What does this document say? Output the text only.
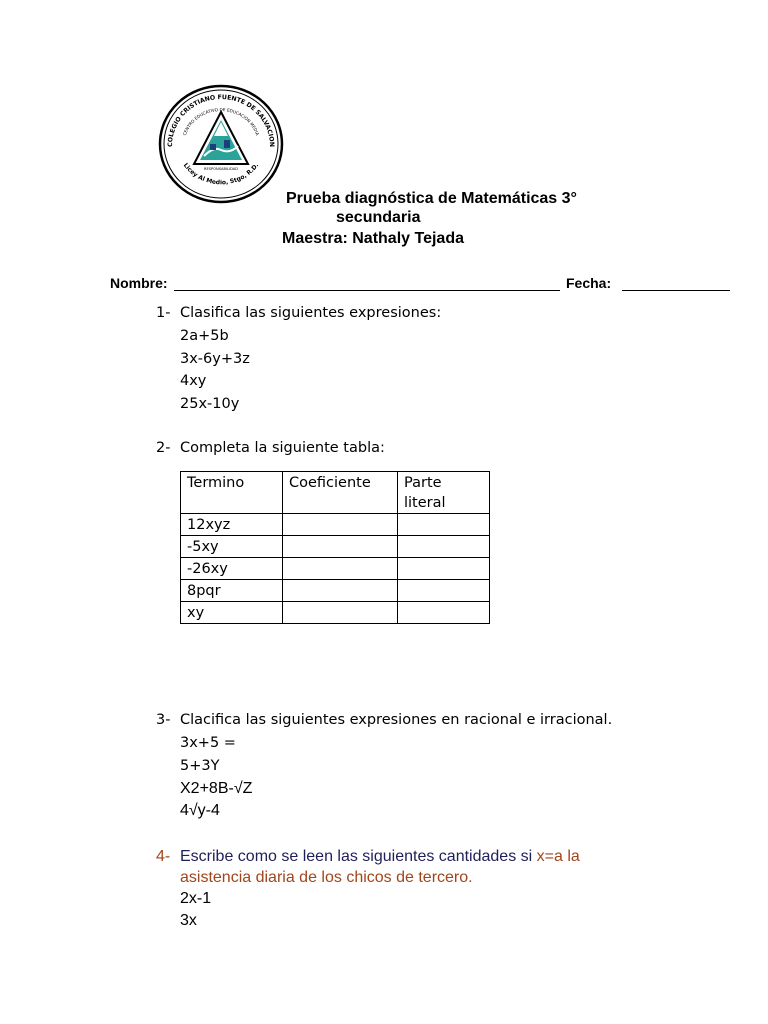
COLEGIO CRISTIANO FUENTE DE SALVACION
CENTRO EDUCATIVO DE EDUCACION MEDIA
Licey Al Medio, Stgo, R.D.
RESPONSABILIDAD
Prueba diagnóstica de Matemáticas 3°
secundaria
Maestra: Nathaly Tejada
Nombre:	Fecha:
1- Clasifica las siguientes expresiones:
2a+5b
3x-6y+3z
4xy
25x-10y
2- Completa la siguiente tabla:
Termino	Coeficiente	Parte literal
12xyz		
-5xy		
-26xy		
8pqr		
xy		
3- Claciﬁca las siguientes expresiones en racional e irracional.
3x+5 =
5+3Y
X2+8B-√Z
4√y-4
4- Escribe como se leen las siguientes cantidades si x=a la
asistencia diaria de los chicos de tercero.
2x-1
3x
